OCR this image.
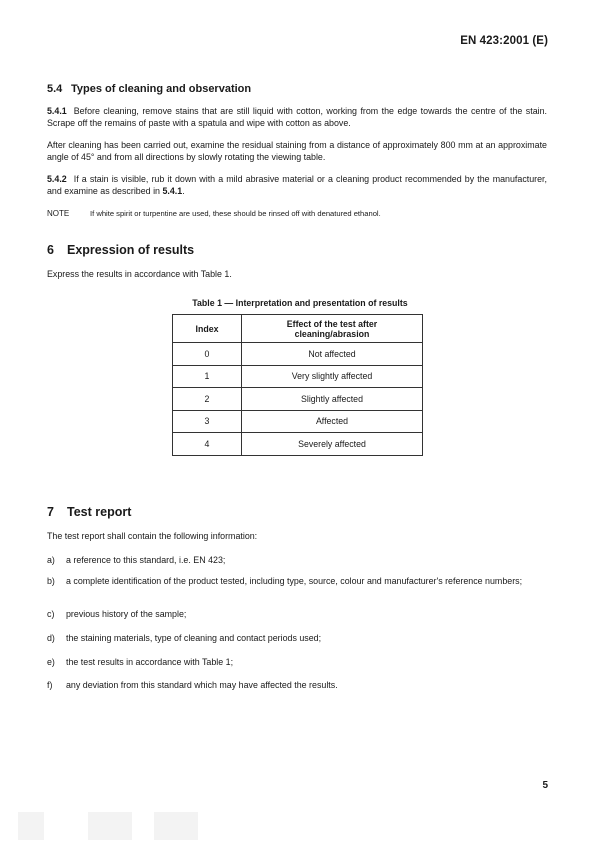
EN 423:2001 (E)
5.4 Types of cleaning and observation
5.4.1 Before cleaning, remove stains that are still liquid with cotton, working from the edge towards the centre of the stain. Scrape off the remains of paste with a spatula and wipe with cotton as above.
After cleaning has been carried out, examine the residual staining from a distance of approximately 800 mm at an approximate angle of 45° and from all directions by slowly rotating the viewing table.
5.4.2 If a stain is visible, rub it down with a mild abrasive material or a cleaning product recommended by the manufacturer, and examine as described in 5.4.1.
NOTE	If white spirit or turpentine are used, these should be rinsed off with denatured ethanol.
6 Expression of results
Express the results in accordance with Table 1.
Table 1 — Interpretation and presentation of results
Index	Effect of the test after cleaning/abrasion
0	Not affected
1	Very slightly affected
2	Slightly affected
3	Affected
4	Severely affected
7 Test report
The test report shall contain the following information:
a) a reference to this standard, i.e. EN 423;
b) a complete identification of the product tested, including type, source, colour and manufacturer's reference numbers;
c) previous history of the sample;
d) the staining materials, type of cleaning and contact periods used;
e) the test results in accordance with Table 1;
f) any deviation from this standard which may have affected the results.
5
